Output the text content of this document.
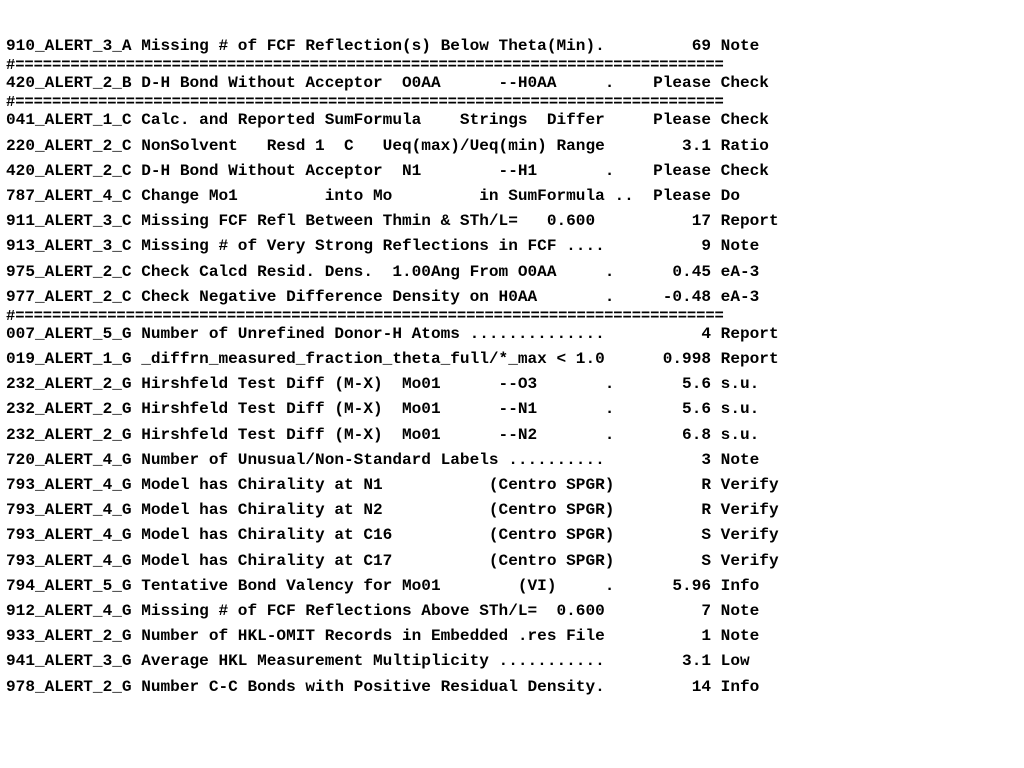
910_ALERT_3_A Missing # of FCF Reflection(s) Below Theta(Min).         69 Note
#=============================================================================
420_ALERT_2_B D-H Bond Without Acceptor  O0AA      --H0AA     .    Please Check
#=============================================================================
041_ALERT_1_C Calc. and Reported SumFormula    Strings  Differ     Please Check
220_ALERT_2_C NonSolvent   Resd 1  C   Ueq(max)/Ueq(min) Range        3.1 Ratio
420_ALERT_2_C D-H Bond Without Acceptor  N1        --H1       .    Please Check
787_ALERT_4_C Change Mo1         into Mo         in SumFormula ..  Please Do
911_ALERT_3_C Missing FCF Refl Between Thmin & STh/L=   0.600          17 Report
913_ALERT_3_C Missing # of Very Strong Reflections in FCF ....          9 Note
975_ALERT_2_C Check Calcd Resid. Dens.  1.00Ang From O0AA     .      0.45 eA-3
977_ALERT_2_C Check Negative Difference Density on H0AA       .     -0.48 eA-3
#=============================================================================
007_ALERT_5_G Number of Unrefined Donor-H Atoms ..............          4 Report
019_ALERT_1_G _diffrn_measured_fraction_theta_full/*_max < 1.0      0.998 Report
232_ALERT_2_G Hirshfeld Test Diff (M-X)  Mo01      --O3       .       5.6 s.u.
232_ALERT_2_G Hirshfeld Test Diff (M-X)  Mo01      --N1       .       5.6 s.u.
232_ALERT_2_G Hirshfeld Test Diff (M-X)  Mo01      --N2       .       6.8 s.u.
720_ALERT_4_G Number of Unusual/Non-Standard Labels ..........          3 Note
793_ALERT_4_G Model has Chirality at N1           (Centro SPGR)         R Verify
793_ALERT_4_G Model has Chirality at N2           (Centro SPGR)         R Verify
793_ALERT_4_G Model has Chirality at C16          (Centro SPGR)         S Verify
793_ALERT_4_G Model has Chirality at C17          (Centro SPGR)         S Verify
794_ALERT_5_G Tentative Bond Valency for Mo01        (VI)     .      5.96 Info
912_ALERT_4_G Missing # of FCF Reflections Above STh/L=  0.600          7 Note
933_ALERT_2_G Number of HKL-OMIT Records in Embedded .res File          1 Note
941_ALERT_3_G Average HKL Measurement Multiplicity ...........        3.1 Low
978_ALERT_2_G Number C-C Bonds with Positive Residual Density.         14 Info
